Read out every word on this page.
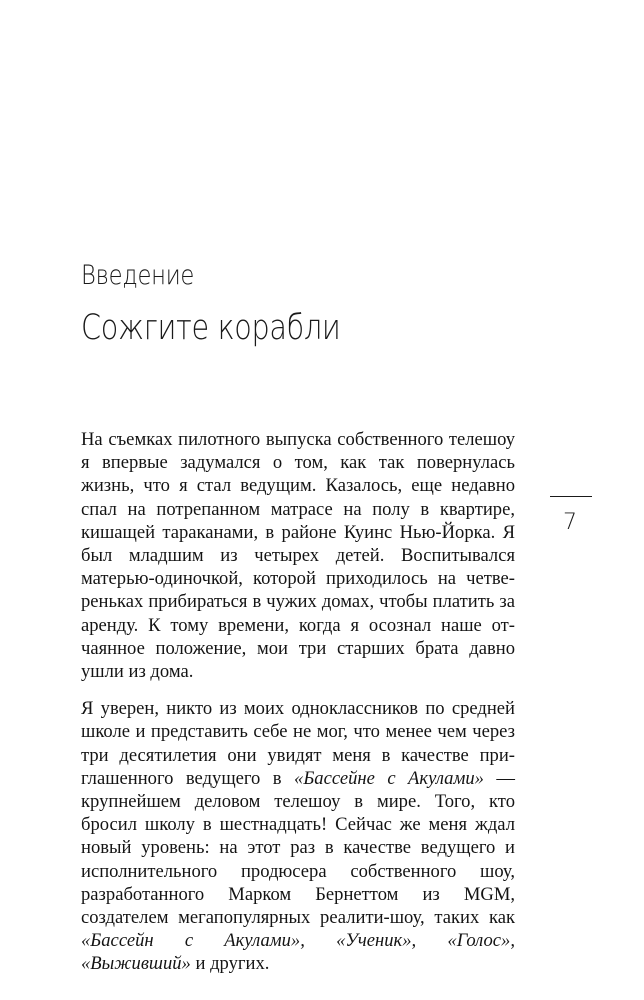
Введение
Сожгите корабли

На съемках пилотного выпуска собственного телешоу я впервые задумался о том, как так повернулась жизнь, что я стал ведущим. Казалось, еще недавно спал на потрепанном матрасе на полу в квартире, кишащей тараканами, в районе Куинс Нью-Йорка. Я был младшим из четырех детей. Воспитывался матерью-одиночкой, которой приходилось на четвереньках прибираться в чужих домах, чтобы платить за аренду. К тому времени, когда я осознал наше отчаянное положение, мои три старших брата давно ушли из дома.

Я уверен, никто из моих одноклассников по средней школе и представить себе не мог, что менее чем через три десятилетия они увидят меня в качестве приглашенного ведущего в «Бассейне с Акулами» — крупнейшем деловом телешоу в мире. Того, кто бросил школу в шестнадцать! Сейчас же меня ждал новый уровень: на этот раз в качестве ведущего и исполнительного продюсера собственного шоу, разработанного Марком Бернеттом из MGM, создателем мегапопулярных реалити-шоу, таких как «Бассейн с Акулами», «Ученик», «Голос», «Выживший» и других.

7
